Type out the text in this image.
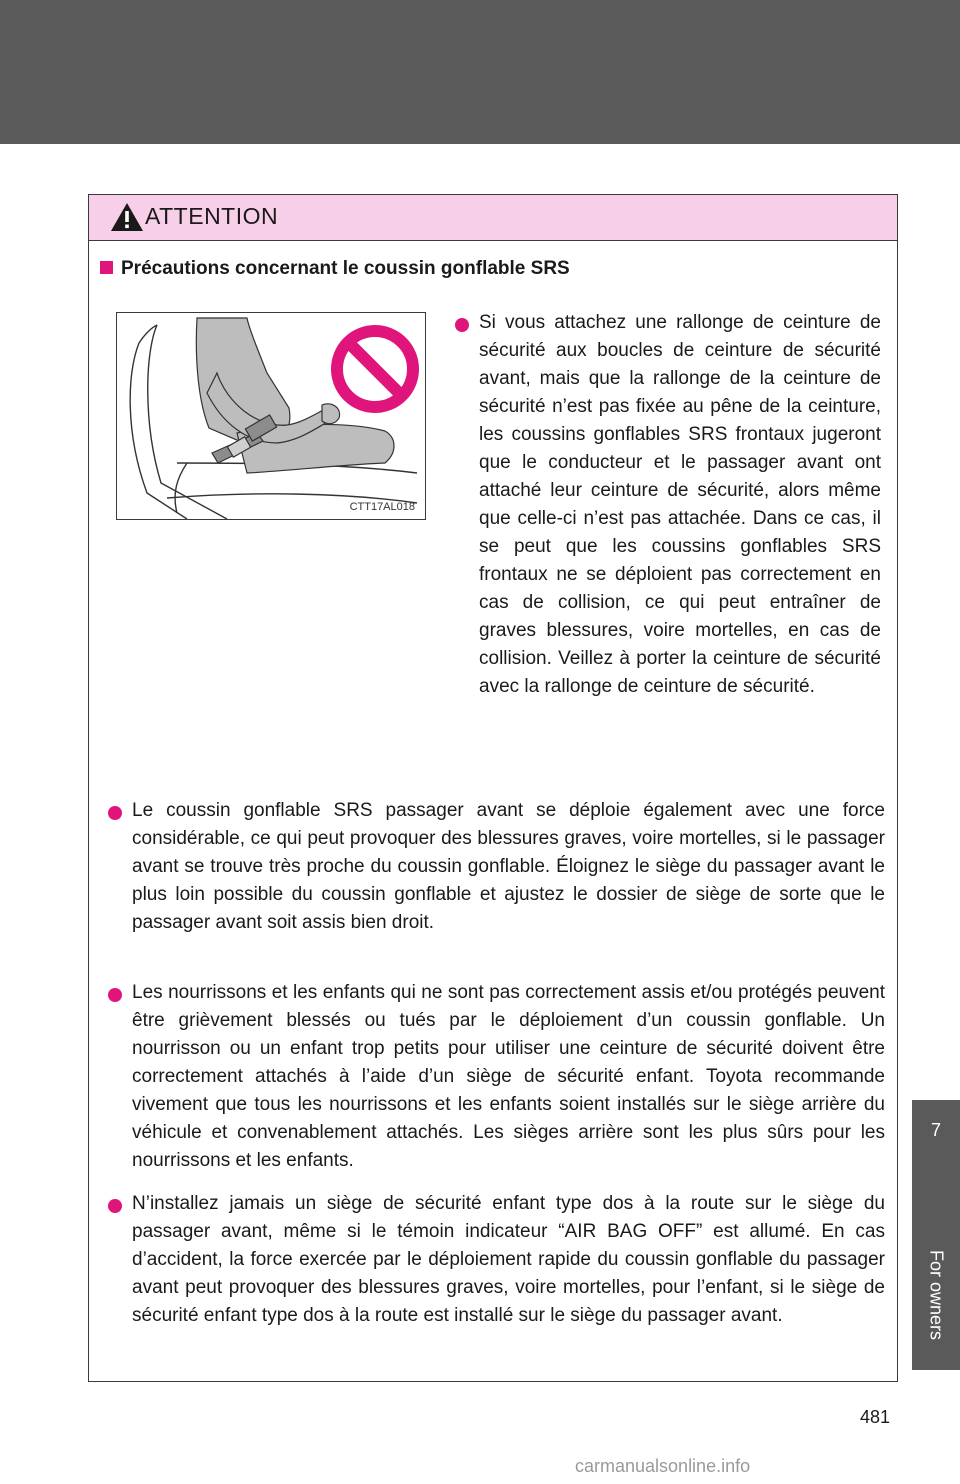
7
For owners
ATTENTION
Précautions concernant le coussin gonflable SRS
CTT17AL018
Si vous attachez une rallonge de ceinture de sécurité aux boucles de ceinture de sécurité avant, mais que la rallonge de la ceinture de sécurité n’est pas fixée au pêne de la ceinture, les coussins gonflables SRS frontaux jugeront que le conducteur et le passager avant ont attaché leur ceinture de sécurité, alors même que celle-ci n’est pas attachée. Dans ce cas, il se peut que les coussins gonflables SRS frontaux ne se déploient pas correctement en cas de collision, ce qui peut entraîner de graves blessures, voire mortelles, en cas de collision. Veillez à porter la ceinture de sécurité avec la rallonge de ceinture de sécurité.
Le coussin gonflable SRS passager avant se déploie également avec une force considérable, ce qui peut provoquer des blessures graves, voire mortelles, si le passager avant se trouve très proche du coussin gonflable. Éloignez le siège du passager avant le plus loin possible du coussin gonflable et ajustez le dossier de siège de sorte que le passager avant soit assis bien droit.
Les nourrissons et les enfants qui ne sont pas correctement assis et/ou protégés peuvent être grièvement blessés ou tués par le déploiement d’un coussin gonflable. Un nourrisson ou un enfant trop petits pour utiliser une ceinture de sécurité doivent être correctement attachés à l’aide d’un siège de sécurité enfant. Toyota recommande vivement que tous les nourrissons et les enfants soient installés sur le siège arrière du véhicule et convenablement attachés. Les sièges arrière sont les plus sûrs pour les nourrissons et les enfants.
N’installez jamais un siège de sécurité enfant type dos à la route sur le siège du passager avant, même si le témoin indicateur “AIR BAG OFF” est allumé. En cas d’accident, la force exercée par le déploiement rapide du coussin gonflable du passager avant peut provoquer des blessures graves, voire mortelles, pour l’enfant, si le siège de sécurité enfant type dos à la route est installé sur le siège du passager avant.
481
carmanualsonline.info
